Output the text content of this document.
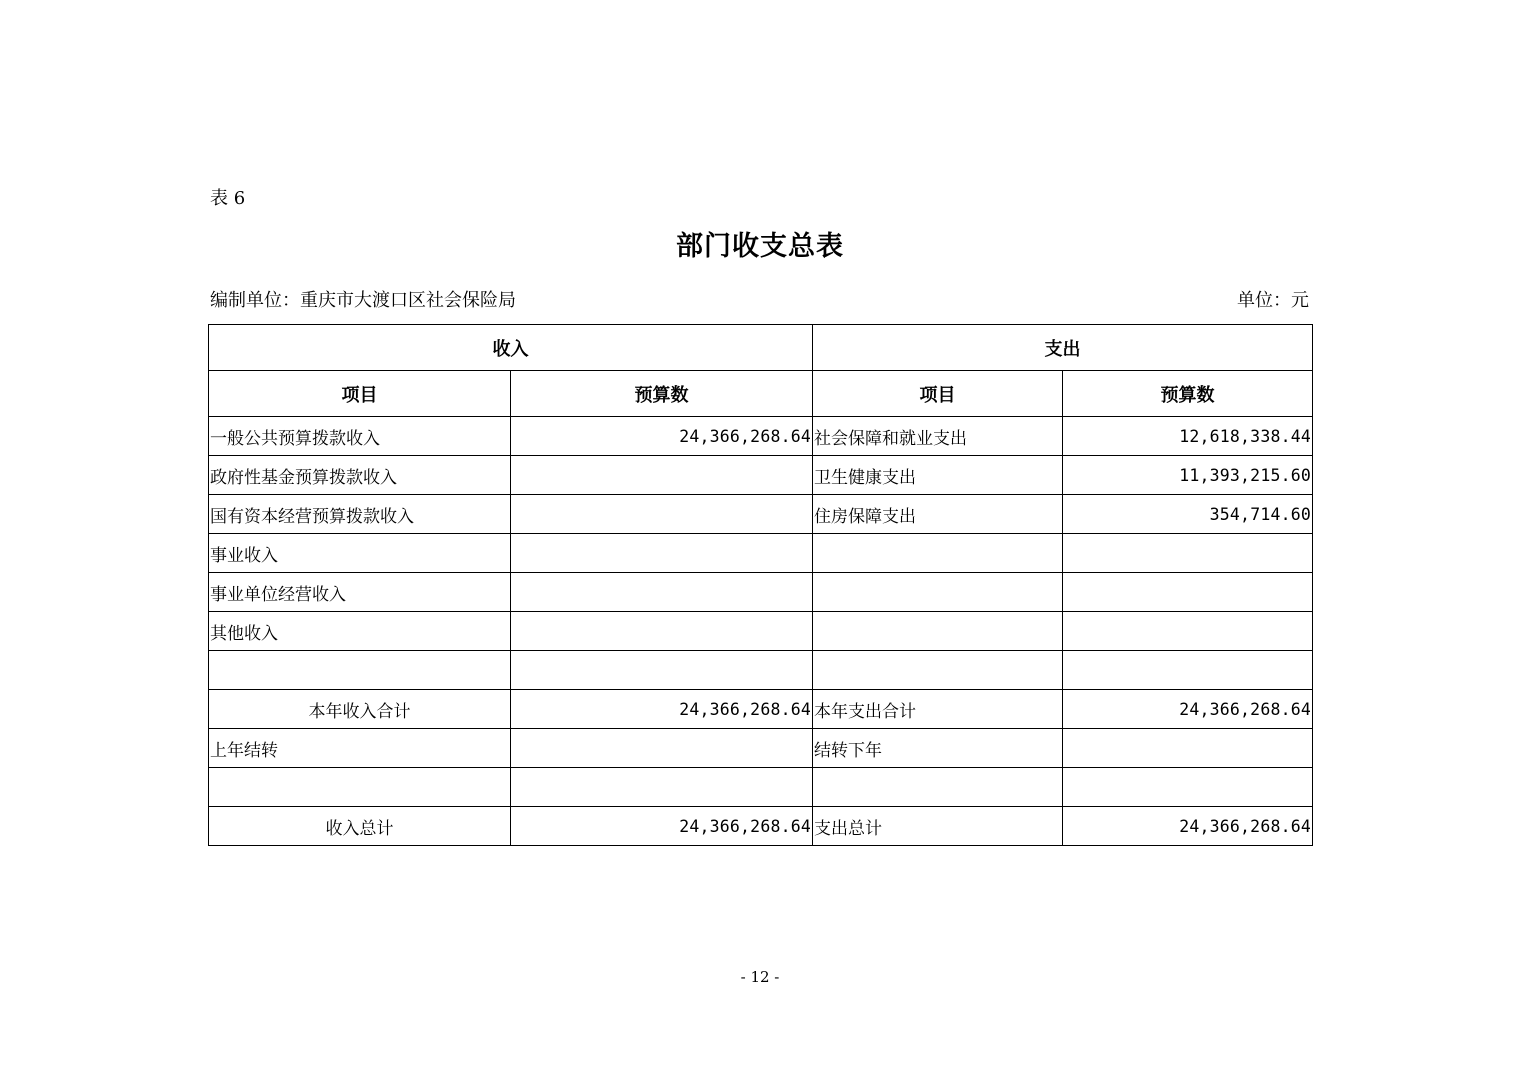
表 6
部门收支总表
编制单位：重庆市大渡口区社会保险局	单位：元
收入		支出	
项目	预算数	项目	预算数
一般公共预算拨款收入	24,366,268.64	社会保障和就业支出	12,618,338.44
政府性基金预算拨款收入		卫生健康支出	11,393,215.60
国有资本经营预算拨款收入		住房保障支出	354,714.60
事业收入			
事业单位经营收入			
其他收入			

本年收入合计	24,366,268.64	本年支出合计	24,366,268.64
上年结转		结转下年	

收入总计	24,366,268.64	支出总计	24,366,268.64
- 12 -
